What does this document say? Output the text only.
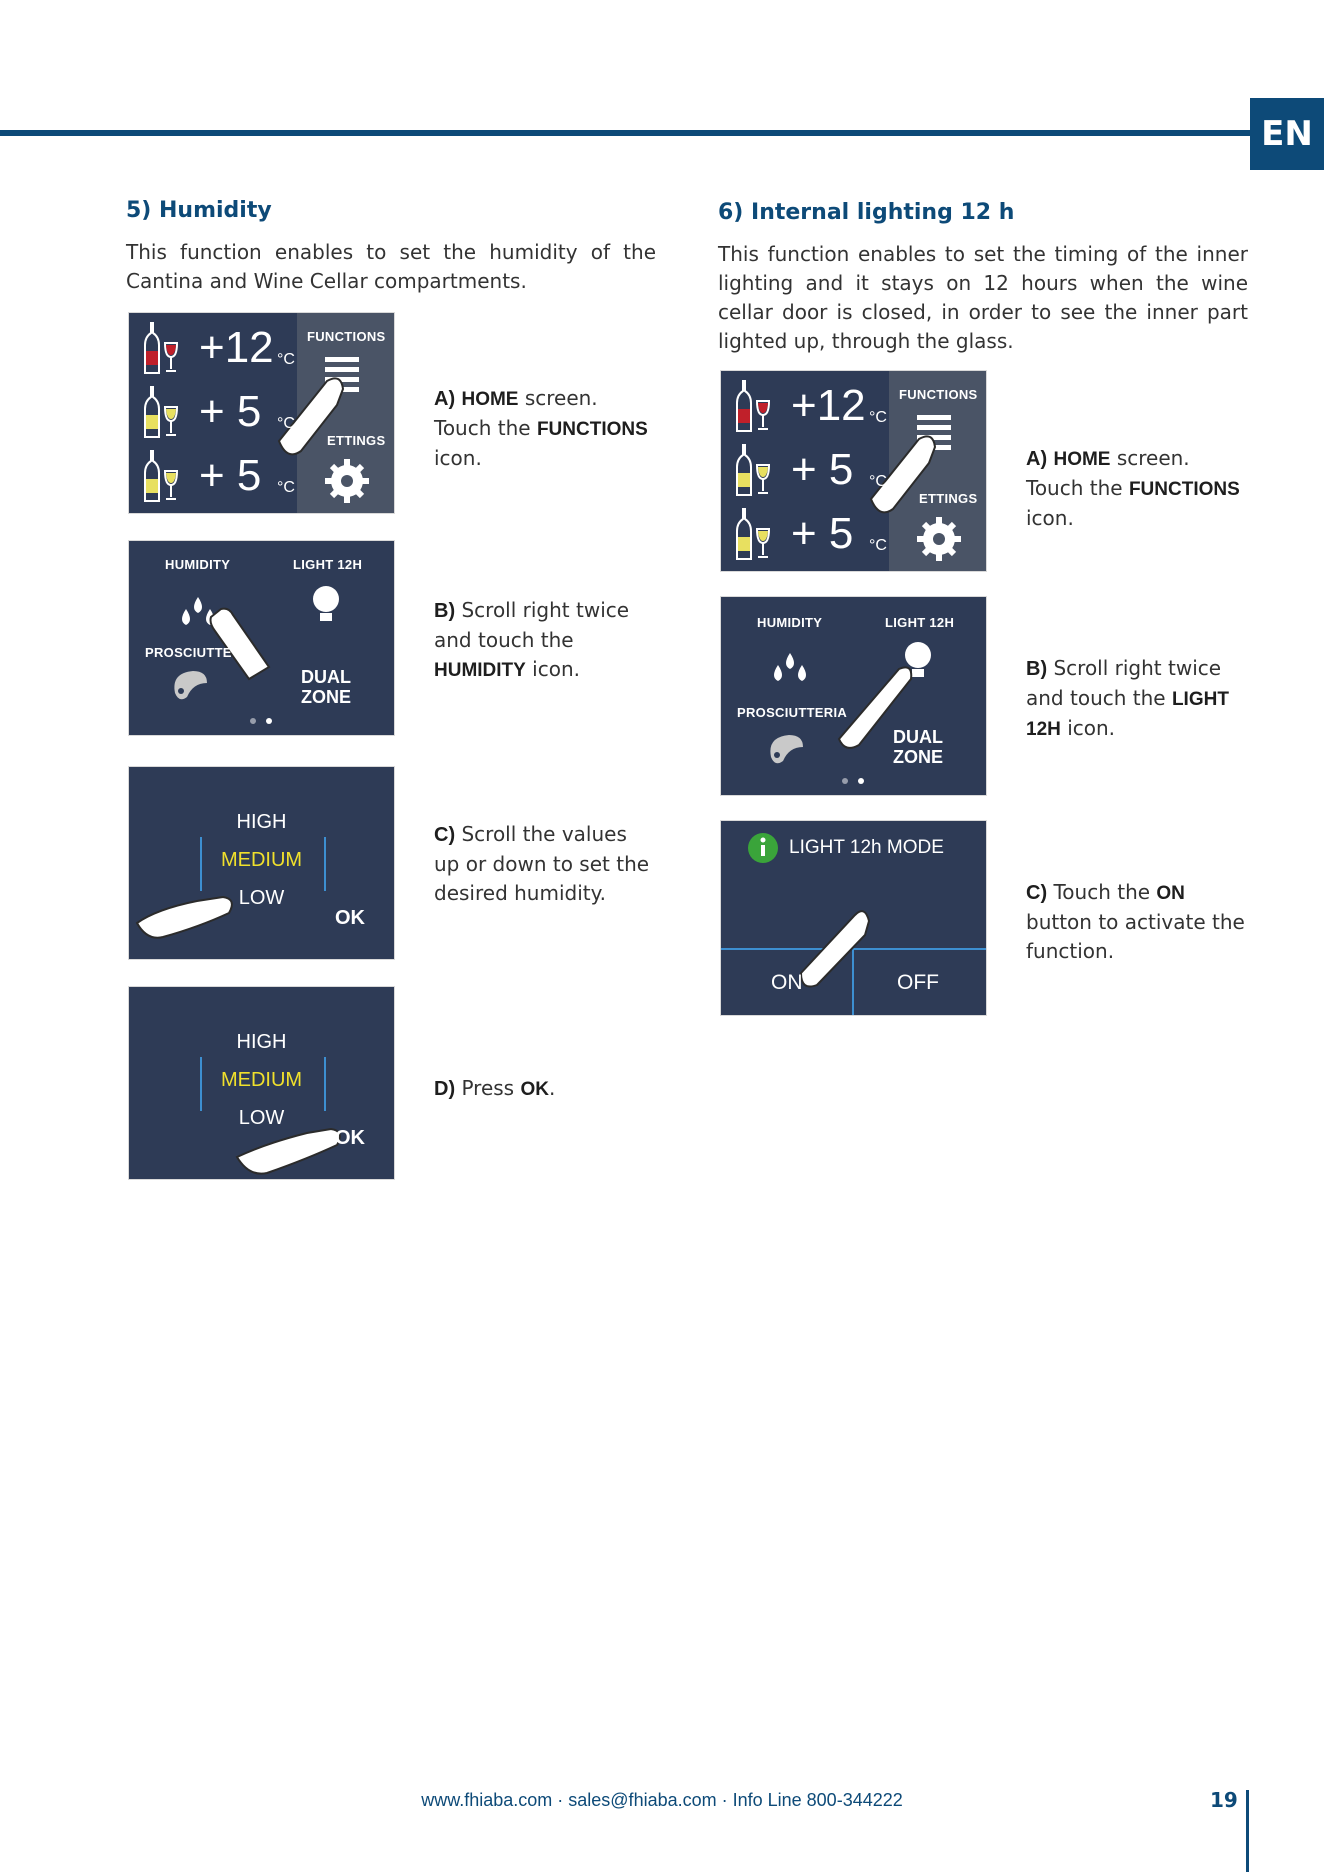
EN
5) Humidity
This function enables to set the humidity of the Cantina and Wine Cellar compartments.
+12 °C
+ 5 °C
+ 5 °C
FUNCTIONS
ETTINGS
A) HOME screen. Touch the FUNCTIONS icon.
HUMIDITY	LIGHT 12H
PROSCIUTTE
DUAL
ZONE
B) Scroll right twice and touch the HUMIDITY icon.
HIGH
MEDIUM
LOW
OK
C) Scroll the values up or down to set the desired humidity.
HIGH
MEDIUM
LOW
OK
D) Press OK.
6) Internal lighting 12 h
This function enables to set the timing of the inner lighting and it stays on 12 hours when the wine cellar door is closed, in order to see the inner part lighted up, through the glass.
+12 °C
+ 5 °C
+ 5 °C
FUNCTIONS
ETTINGS
A) HOME screen. Touch the FUNCTIONS icon.
HUMIDITY	LIGHT 12H
PROSCIUTTERIA
DUAL
ZONE
B) Scroll right twice and touch the LIGHT 12H icon.
LIGHT 12h MODE
ON	OFF
C) Touch the ON button to activate the function.
www.fhiaba.com · sales@fhiaba.com · Info Line 800-344222	19
